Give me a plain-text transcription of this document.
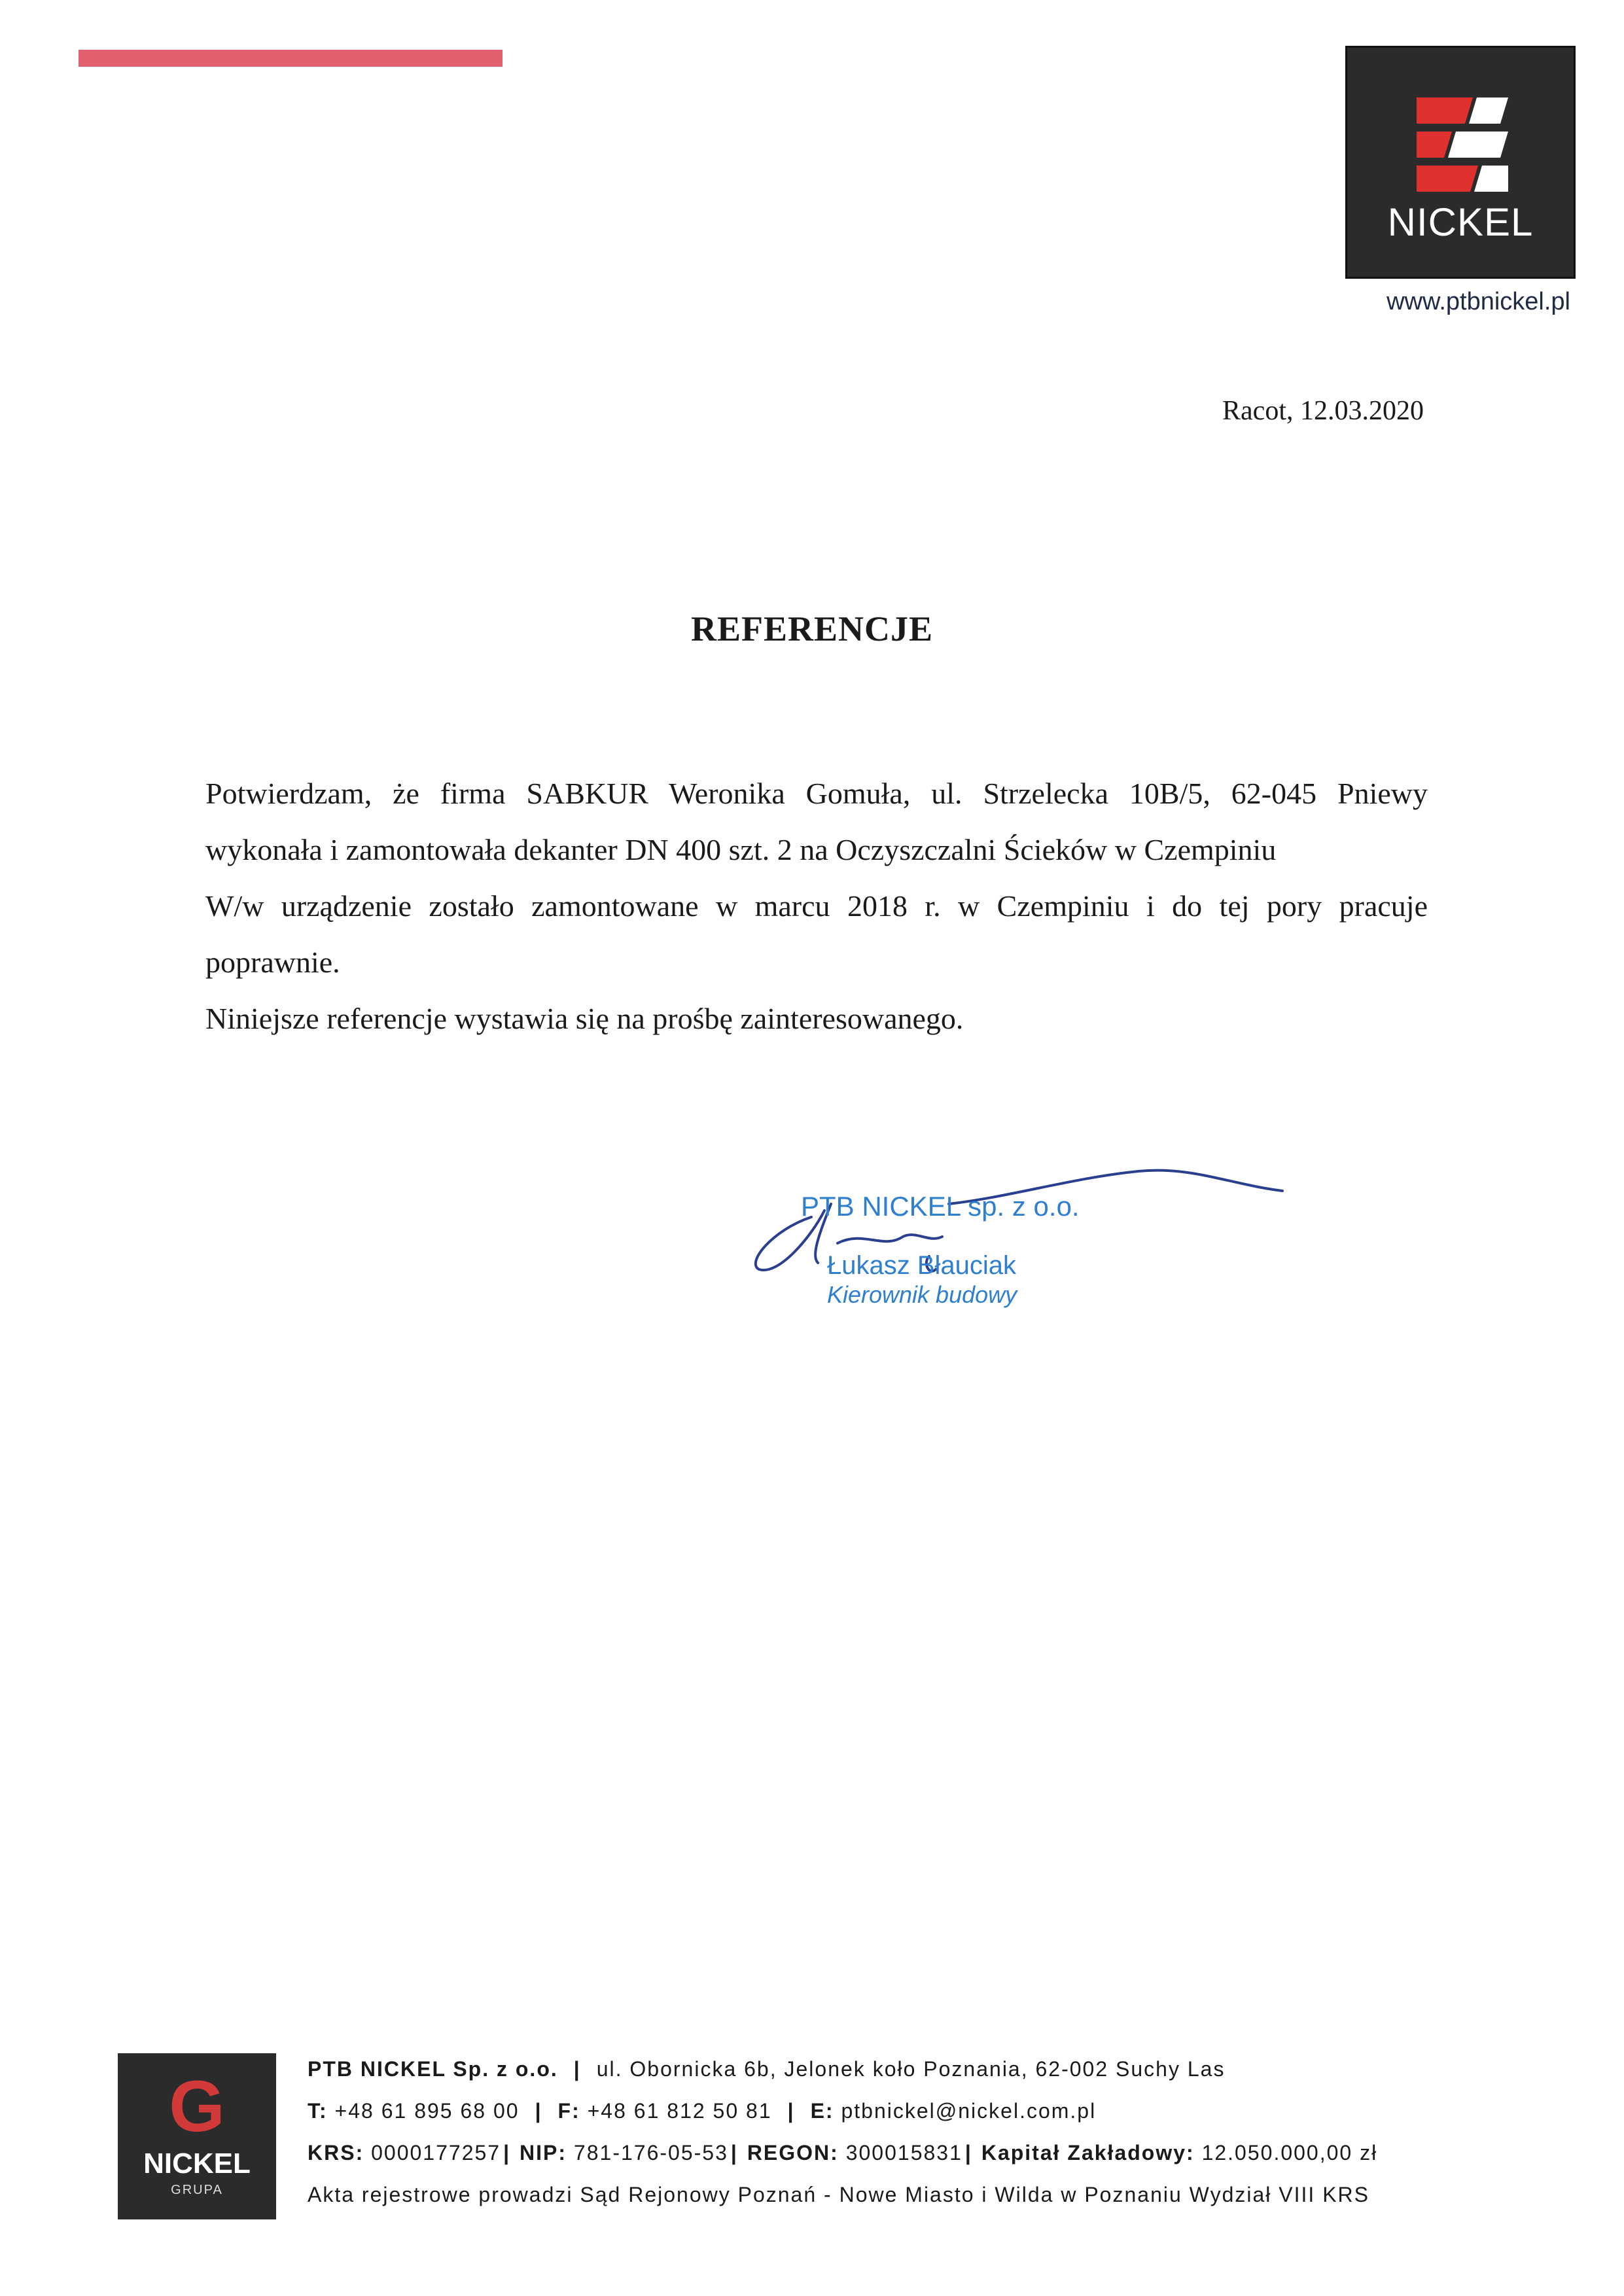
NICKEL
www.ptbnickel.pl
Racot, 12.03.2020
REFERENCJE
Potwierdzam, że firma SABKUR Weronika Gomuła, ul. Strzelecka 10B/5, 62-045 Pniewy
wykonała i zamontowała dekanter DN 400 szt. 2 na Oczyszczalni Ścieków w Czempiniu
W/w urządzenie zostało zamontowane w marcu 2018 r. w Czempiniu i do tej pory pracuje
poprawnie.
Niniejsze referencje wystawia się na prośbę zainteresowanego.
PTB NICKEL sp. z o.o.
Łukasz Błauciak
Kierownik budowy
G
NICKEL
GRUPA
PTB NICKEL Sp. z o.o. | ul. Obornicka 6b, Jelonek koło Poznania, 62-002 Suchy Las
T: +48 61 895 68 00 | F: +48 61 812 50 81 | E: ptbnickel@nickel.com.pl
KRS: 0000177257 | NIP: 781-176-05-53 | REGON: 300015831 | Kapitał Zakładowy: 12.050.000,00 zł
Akta rejestrowe prowadzi Sąd Rejonowy Poznań - Nowe Miasto i Wilda w Poznaniu Wydział VIII KRS
